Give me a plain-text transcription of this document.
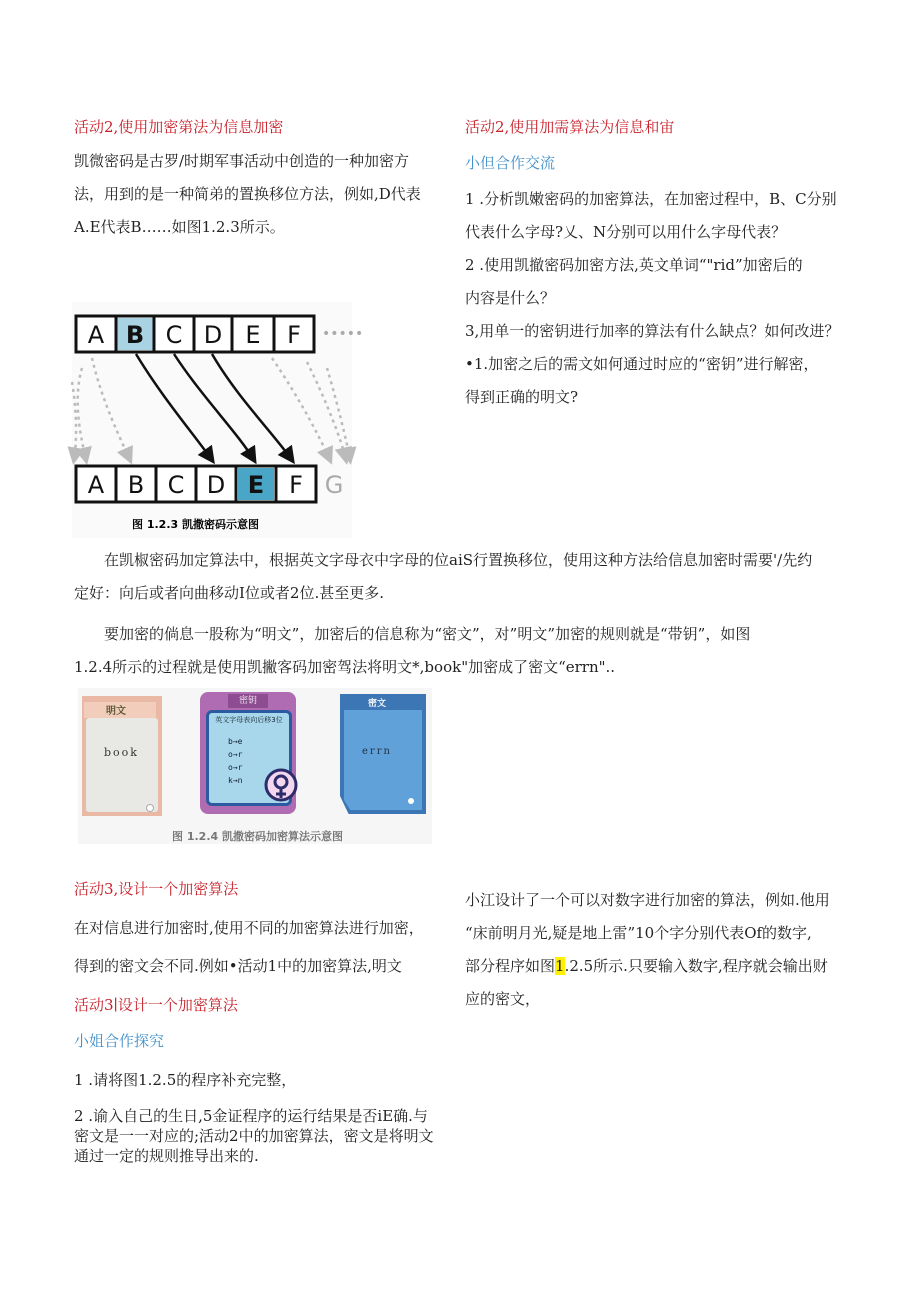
活动2,使用加密第法为信息加密
凯微密码是古罗/时期军事活动中创造的一种加密方
法，用到的是一种简弟的置换移位方法，例如,D代表
A.E代表B……如图1.2.3所示。
活动2,使用加需算法为信息和宙
小但合作交流
1 .分析凯嫩密码的加密算法，在加密过程中，B、C分别
代表什么字母?乂、N分别可以用什么字母代表？
2 .使用凯撤密码加密方法,英文单词“"rid”加密后的
内容是什么？
3,用单一的密钥进行加率的算法有什么缺点？如何改进？
•1.加密之后的需文如何通过时应的“密钥”进行解密，
得到正确的明文?
A B C D E F
A B C D E F G
•••••
图 1.2.3 凯撒密码示意图
在凯椒密码加定算法中，根据英文字母衣中字母的位aiS行置换移位，使用这种方法给信息加密时需要'∕先约
定好：向后或者向曲移动I位或者2位.甚至更多.
要加密的倘息一股称为“明文”，加密后的信息称为“密文”，对”明文”加密的规则就是“带钥”，如图
1.2.4所示的过程就是使用凯撇客码加密驾法将明文*,book"加密成了密文“errn"..
明文
book
密钥
英文字母表向后移3位
b→e
o→r
o→r
k→n
密文
errn
图 1.2.4 凯撒密码加密算法示意图
活动3,设计一个加密算法
在对信息进行加密时,使用不同的加密算法进行加密，
得到的密文会不同.例如•活动1中的加密算法,明文
活动3∣设计一个加密算法
小姐合作探究
1 .请将图1.2.5的程序补充完整，
2 .谕入自己的生日,5金证程序的运行结果是否iE确.与
密文是一一对应的;活动2中的加密算法，密文是将明文
通过一定的规则推导出来的.
小江设计了一个可以对数字进行加密的算法，例如.他用
“床前明月光,疑是地上雷”10个字分别代表Of的数字,
部分程序如图1.2.5所示.只要输入数字,程序就会输出财
应的密文，
